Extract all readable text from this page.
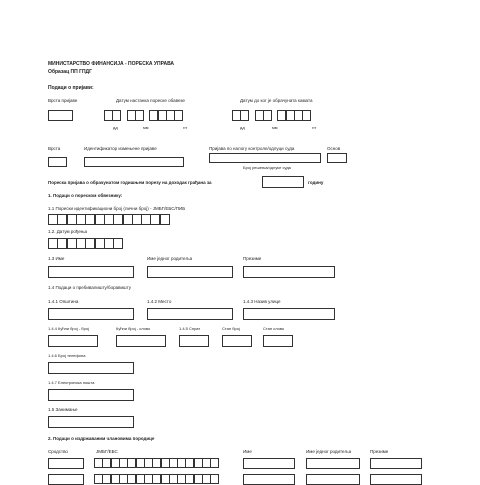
МИНИСТАРСТВО ФИНАНСИЈА - ПОРЕСКА УПРАВА
Образац ПП ГПДГ
Подаци о пријави:
Врста пријаве	Датум настанка пореске обавезе	Датум до ког је обрачуната камата
дд	мм	ггг	дд	мм	ггг
Врста	Идентификатор измењене пријаве	Пријава по налогу контроле/одлуци суда	Основ
Број решења/одлуке суда
Пореска пријава о обрачунатом годишњем порезу на доходак грађана за	годину
1. Подаци о пореском обвезнику:
1.1 Порески идентификациони број (лични број) - ЈМБГ/ЕБС/ПИБ
1.2. Датум рођења
1.3 Име	Име једног родитеља	Презиме
1.4 Подаци о пребивалишту/боравишту
1.4.1 Општина	1.4.2 Место	1.4.3 Назив улице
1.4.4 Кућни број - број	Кућни број - слово	1.4.5 Спрат	Стан број	Стан слово
1.4.6 Број телефона
1.4.7 Електронска пошта
1.5 Занимање
2. Подаци о издржаваним члановима породице
Сродство	ЈМБГ/ЕБС	Име	Име једног родитеља	Презиме
